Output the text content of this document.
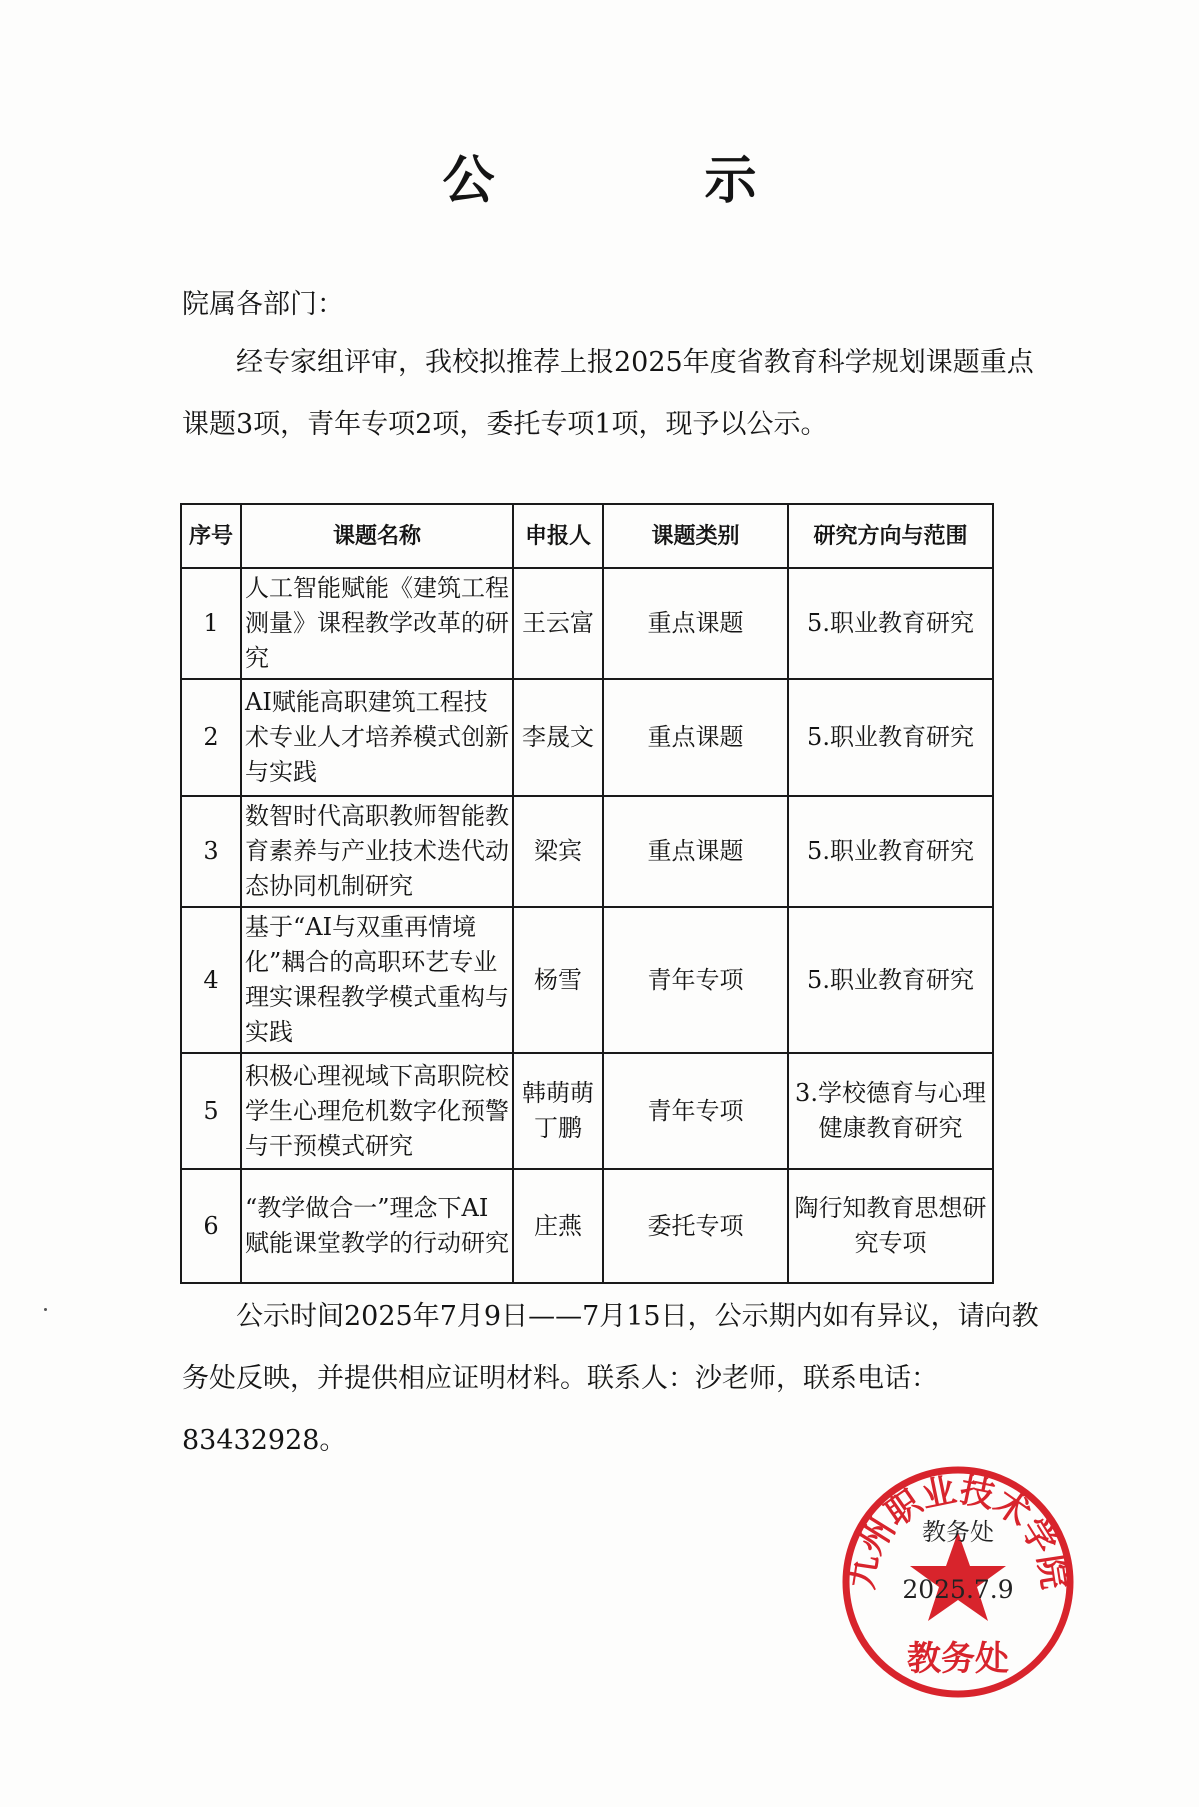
公 示
院属各部门：
经专家组评审，我校拟推荐上报2025年度省教育科学规划课题重点课题3项，青年专项2项，委托专项1项，现予以公示。
序号	课题名称	申报人	课题类别	研究方向与范围
1	人工智能赋能《建筑工程测量》课程教学改革的研究	王云富	重点课题	5.职业教育研究
2	AI赋能高职建筑工程技术专业人才培养模式创新与实践	李晟文	重点课题	5.职业教育研究
3	数智时代高职教师智能教育素养与产业技术迭代动态协同机制研究	梁宾	重点课题	5.职业教育研究
4	基于“AI与双重再情境化”耦合的高职环艺专业理实课程教学模式重构与实践	杨雪	青年专项	5.职业教育研究
5	积极心理视域下高职院校学生心理危机数字化预警与干预模式研究	韩萌萌 丁鹏	青年专项	3.学校德育与心理健康教育研究
6	“教学做合一”理念下AI赋能课堂教学的行动研究	庄燕	委托专项	陶行知教育思想研究专项
公示时间2025年7月9日——7月15日，公示期内如有异议，请向教务处反映，并提供相应证明材料。联系人：沙老师，联系电话：83432928。
九州职业技术学院
教务处
教务处
2025.7.9
